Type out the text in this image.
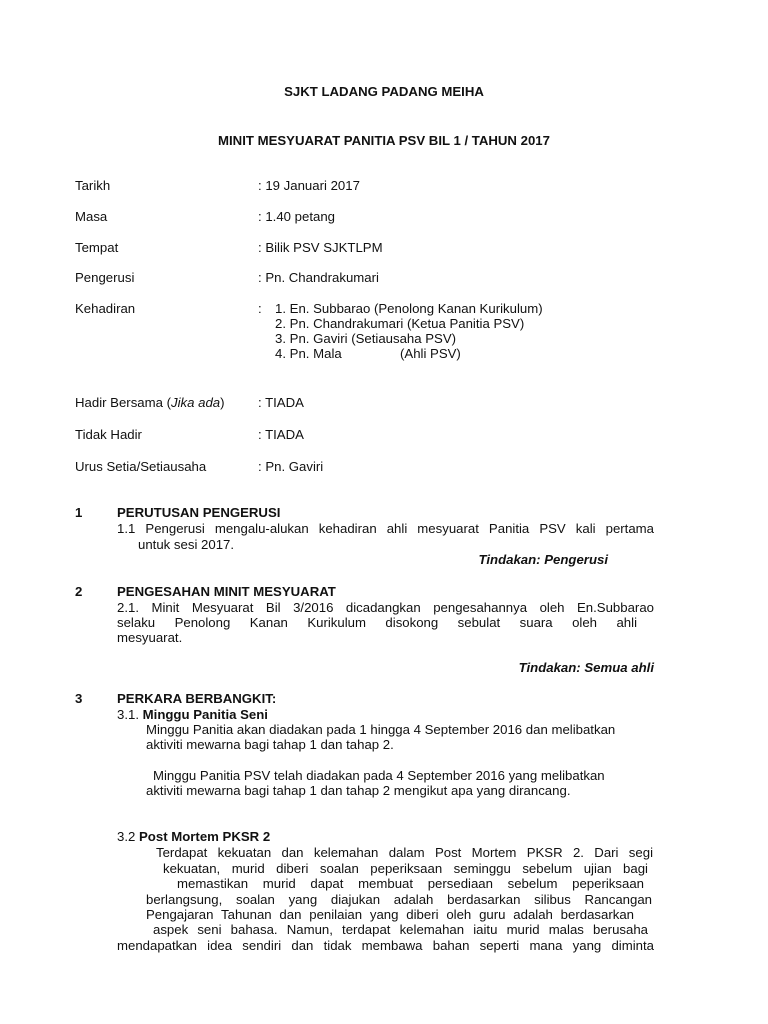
SJKT LADANG PADANG MEIHA
MINIT MESYUARAT PANITIA PSV BIL 1 / TAHUN 2017
Tarikh	: 19 Januari 2017
Masa	: 1.40 petang
Tempat	: Bilik PSV SJKTLPM
Pengerusi	: Pn. Chandrakumari
Kehadiran	: 1. En. Subbarao (Penolong Kanan Kurikulum)
2. Pn. Chandrakumari (Ketua Panitia PSV)
3. Pn. Gaviri (Setiausaha PSV)
4. Pn. Mala	(Ahli PSV)
Hadir Bersama (Jika ada)	: TIADA
Tidak Hadir	: TIADA
Urus Setia/Setiausaha	: Pn. Gaviri
1	PERUTUSAN PENGERUSI
1.1 Pengerusi mengalu-alukan kehadiran ahli mesyuarat Panitia PSV kali pertama
untuk sesi 2017.
Tindakan: Pengerusi
2	PENGESAHAN MINIT MESYUARAT
2.1. Minit Mesyuarat Bil 3/2016 dicadangkan pengesahannya oleh En.Subbarao
selaku Penolong Kanan Kurikulum disokong sebulat suara oleh ahli
mesyuarat.
Tindakan: Semua ahli
3	PERKARA BERBANGKIT:
3.1. Minggu Panitia Seni
Minggu Panitia akan diadakan pada 1 hingga 4 September 2016 dan melibatkan
aktiviti mewarna bagi tahap 1 dan tahap 2.
Minggu Panitia PSV telah diadakan pada 4 September 2016 yang melibatkan
aktiviti mewarna bagi tahap 1 dan tahap 2 mengikut apa yang dirancang.
3.2 Post Mortem PKSR 2
Terdapat kekuatan dan kelemahan dalam Post Mortem PKSR 2. Dari segi
kekuatan, murid diberi soalan peperiksaan seminggu sebelum ujian bagi
memastikan murid dapat membuat persediaan sebelum peperiksaan
berlangsung, soalan yang diajukan adalah berdasarkan silibus Rancangan
Pengajaran Tahunan dan penilaian yang diberi oleh guru adalah berdasarkan
aspek seni bahasa. Namun, terdapat kelemahan iaitu murid malas berusaha
mendapatkan idea sendiri dan tidak membawa bahan seperti mana yang diminta
